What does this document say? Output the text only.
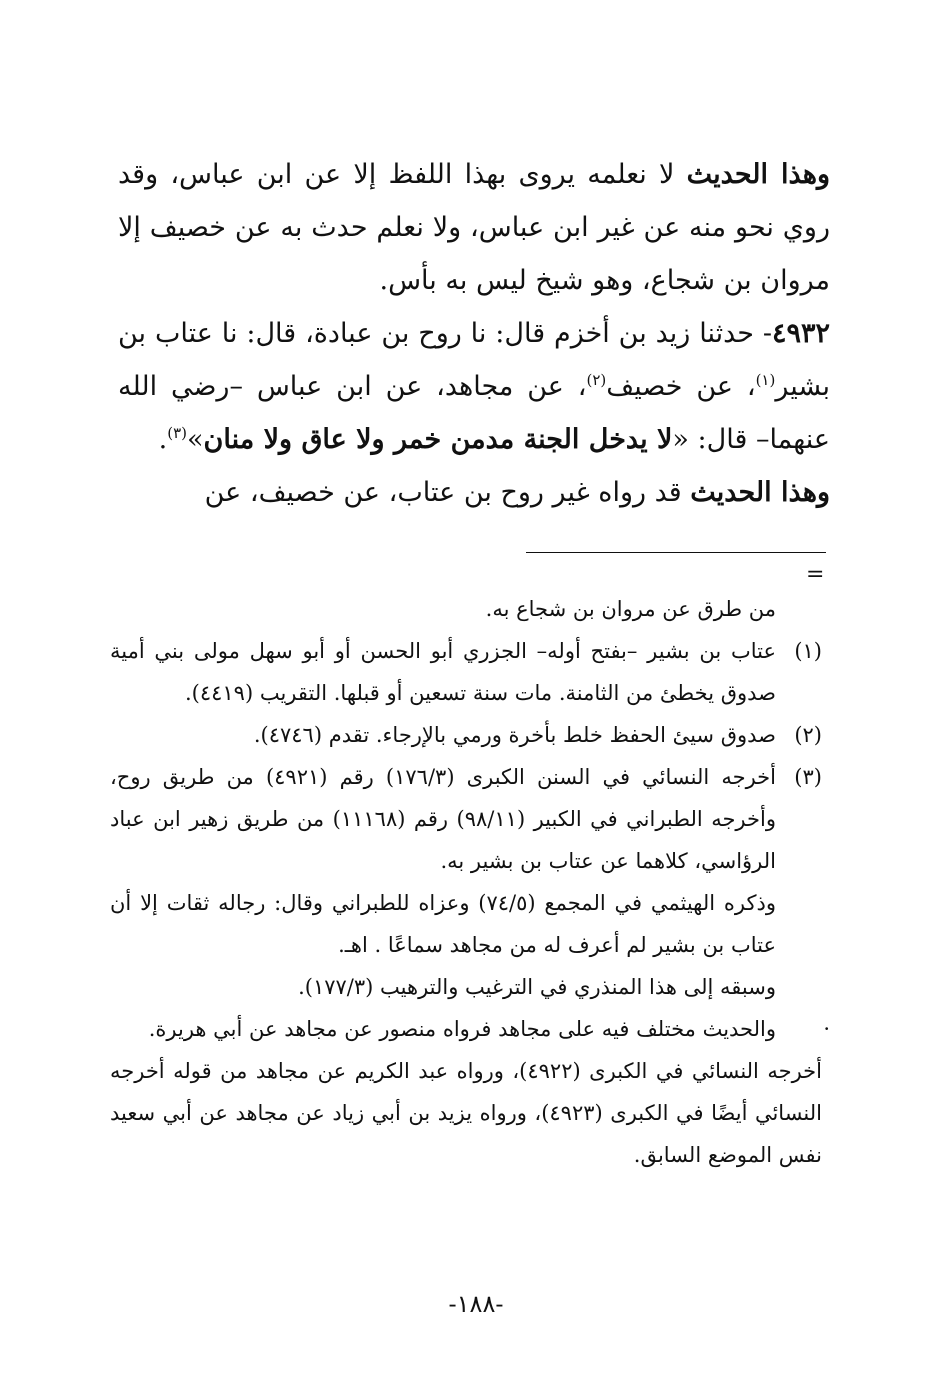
وهذا الحديث لا نعلمه يروى بهذا اللفظ إلا عن ابن عباس، وقد روي نحو منه عن غير ابن عباس، ولا نعلم حدث به عن خصيف إلا مروان بن شجاع، وهو شيخ ليس به بأس.

٤٩٣٢- حدثنا زيد بن أخزم قال: نا روح بن عبادة، قال: نا عتاب بن بشير$^{(١)}$، عن خصيف$^{(٢)}$، عن مجاهد، عن ابن عباس –رضي الله عنهما– قال: «لا يدخل الجنة مدمن خمر ولا عاق ولا منان»$^{(٣)}$.

وهذا الحديث قد رواه غير روح بن عتاب، عن خصيف، عن

=

من طرق عن مروان بن شجاع به.

(١)عتاب بن بشير –بفتح أوله– الجزري أبو الحسن أو أبو سهل مولى بني أمية صدوق يخطئ من الثامنة. مات سنة تسعين أو قبلها. التقريب (٤٤١٩).

(٢)صدوق سيئ الحفظ خلط بأخرة ورمي بالإرجاء. تقدم (٤٧٤٦).

(٣)أخرجه النسائي في السنن الكبرى (١٧٦/٣) رقم (٤٩٢١) من طريق روح، وأخرجه الطبراني في الكبير (٩٨/١١) رقم (١١١٦٨) من طريق زهير ابن عباد الرؤاسي، كلاهما عن عتاب بن بشير به.

وذكره الهيثمي في المجمع (٧٤/٥) وعزاه للطبراني وقال: رجاله ثقات إلا أن عتاب بن بشير لم أعرف له من مجاهد سماعًا . اهـ.

وسبقه إلى هذا المنذري في الترغيب والترهيب (١٧٧/٣).

·
والحديث مختلف فيه على مجاهد فرواه منصور عن مجاهد عن أبي هريرة.

أخرجه النسائي في الكبرى (٤٩٢٢)، ورواه عبد الكريم عن مجاهد من قوله أخرجه النسائي أيضًا في الكبرى (٤٩٢٣)، ورواه يزيد بن أبي زياد عن مجاهد عن أبي سعيد نفس الموضع السابق.

-١٨٨-
